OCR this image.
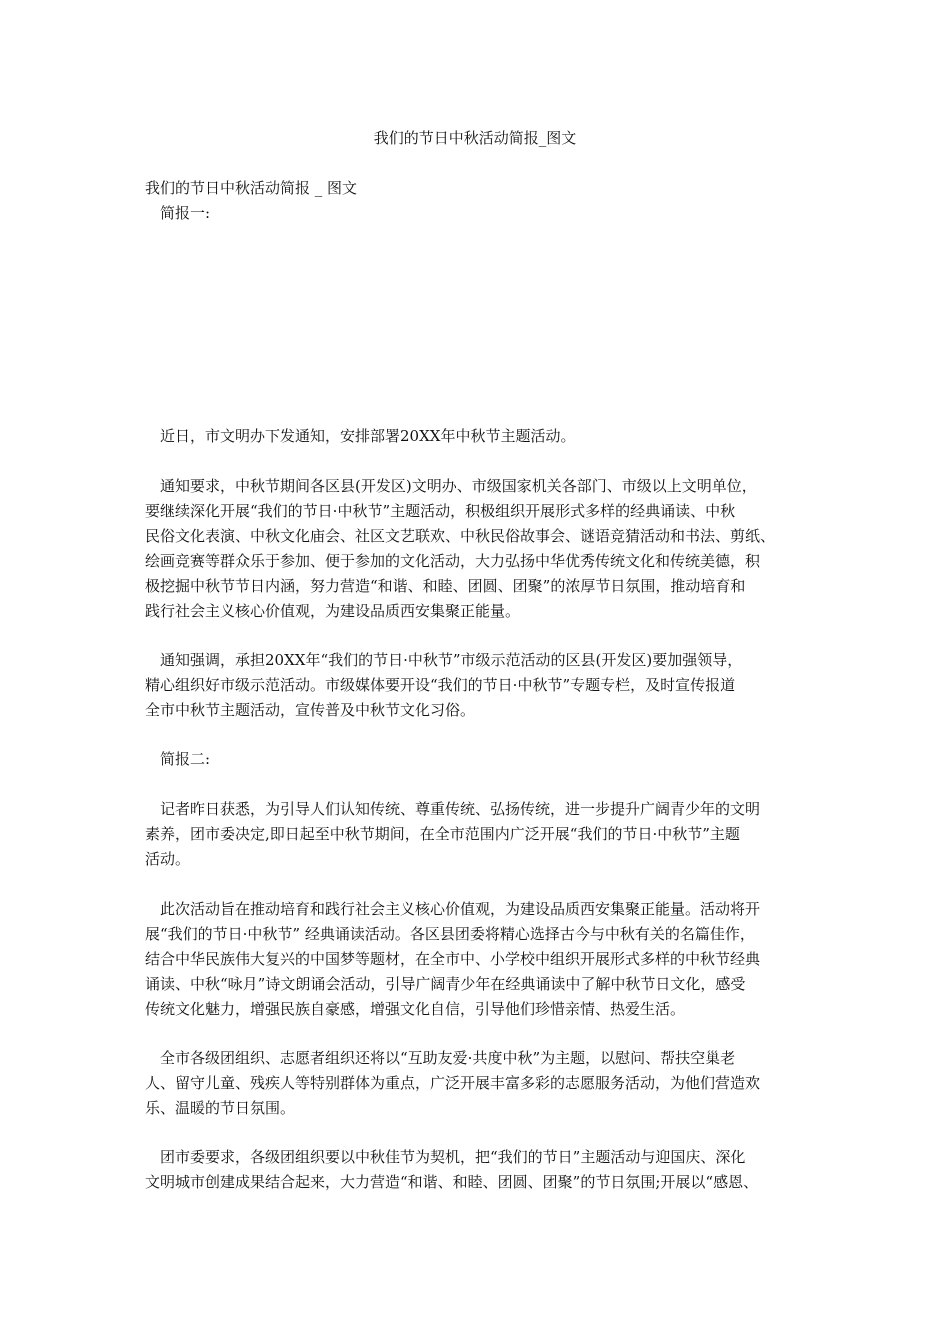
我们的节日中秋活动简报_图文
我们的节日中秋活动简报 _ 图文
简报一:
近日，市文明办下发通知，安排部署20XX年中秋节主题活动。
通知要求，中秋节期间各区县(开发区)文明办、市级国家机关各部门、市级以上文明单位，
要继续深化开展“我们的节日·中秋节”主题活动，积极组织开展形式多样的经典诵读、中秋
民俗文化表演、中秋文化庙会、社区文艺联欢、中秋民俗故事会、谜语竞猜活动和书法、剪纸、
绘画竞赛等群众乐于参加、便于参加的文化活动，大力弘扬中华优秀传统文化和传统美德，积
极挖掘中秋节节日内涵，努力营造“和谐、和睦、团圆、团聚”的浓厚节日氛围，推动培育和
践行社会主义核心价值观，为建设品质西安集聚正能量。
通知强调，承担20XX年“我们的节日·中秋节”市级示范活动的区县(开发区)要加强领导，
精心组织好市级示范活动。市级媒体要开设“我们的节日·中秋节”专题专栏，及时宣传报道
全市中秋节主题活动，宣传普及中秋节文化习俗。
简报二:
记者昨日获悉，为引导人们认知传统、尊重传统、弘扬传统，进一步提升广阔青少年的文明
素养，团市委决定,即日起至中秋节期间，在全市范围内广泛开展“我们的节日·中秋节”主题
活动。
此次活动旨在推动培育和践行社会主义核心价值观，为建设品质西安集聚正能量。活动将开
展“我们的节日·中秋节” 经典诵读活动。各区县团委将精心选择古今与中秋有关的名篇佳作，
结合中华民族伟大复兴的中国梦等题材，在全市中、小学校中组织开展形式多样的中秋节经典
诵读、中秋“咏月”诗文朗诵会活动，引导广阔青少年在经典诵读中了解中秋节日文化，感受
传统文化魅力，增强民族自豪感，增强文化自信，引导他们珍惜亲情、热爱生活。
全市各级团组织、志愿者组织还将以“互助友爱·共度中秋”为主题，以慰问、帮扶空巢老
人、留守儿童、残疾人等特别群体为重点，广泛开展丰富多彩的志愿服务活动，为他们营造欢
乐、温暖的节日氛围。
团市委要求，各级团组织要以中秋佳节为契机，把“我们的节日”主题活动与迎国庆、深化
文明城市创建成果结合起来，大力营造“和谐、和睦、团圆、团聚”的节日氛围;开展以“感恩、
